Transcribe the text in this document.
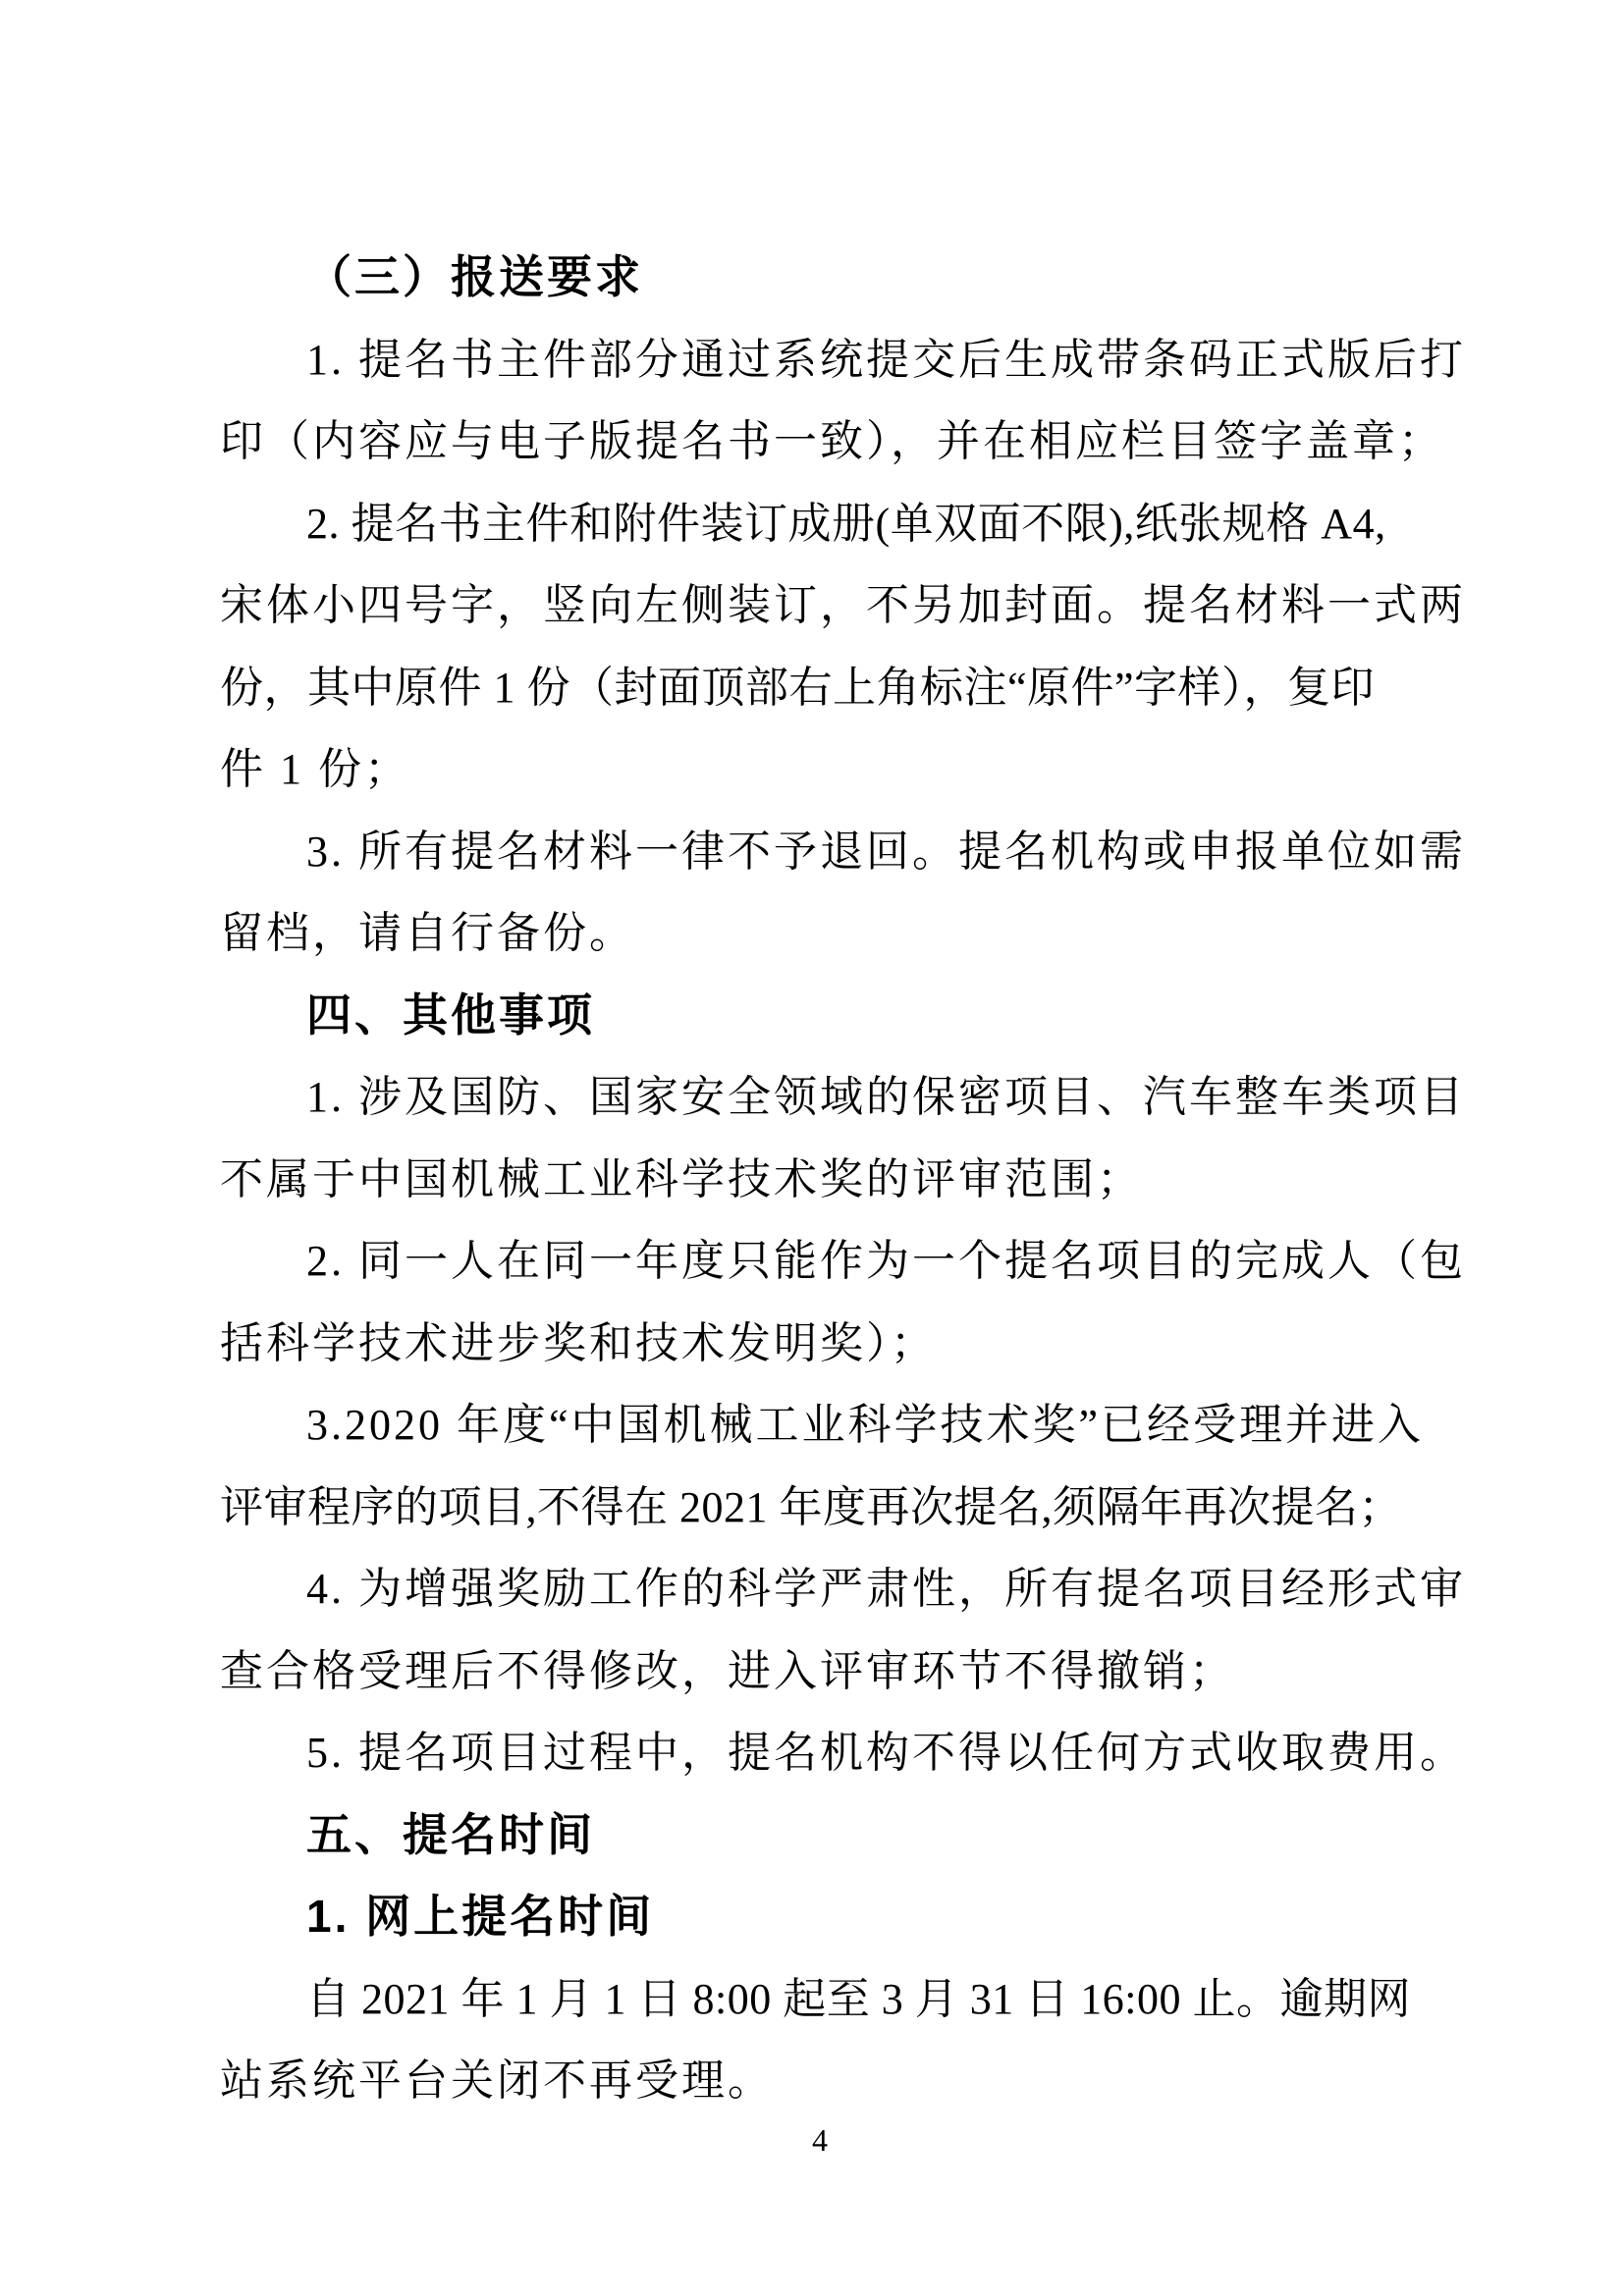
（三）报送要求
1. 提名书主件部分通过系统提交后生成带条码正式版后打
印（内容应与电子版提名书一致），并在相应栏目签字盖章；
2. 提名书主件和附件装订成册(单双面不限),纸张规格 A4,
宋体小四号字，竖向左侧装订，不另加封面。提名材料一式两
份，其中原件 1 份（封面顶部右上角标注“原件”字样），复印
件 1 份；
3. 所有提名材料一律不予退回。提名机构或申报单位如需
留档，请自行备份。
四、其他事项
1. 涉及国防、国家安全领域的保密项目、汽车整车类项目
不属于中国机械工业科学技术奖的评审范围；
2. 同一人在同一年度只能作为一个提名项目的完成人（包
括科学技术进步奖和技术发明奖）；
3.2020 年度“中国机械工业科学技术奖”已经受理并进入
评审程序的项目,不得在 2021 年度再次提名,须隔年再次提名；
4. 为增强奖励工作的科学严肃性，所有提名项目经形式审
查合格受理后不得修改，进入评审环节不得撤销；
5. 提名项目过程中，提名机构不得以任何方式收取费用。
五、提名时间
1. 网上提名时间
自 2021 年 1 月 1 日 8:00 起至 3 月 31 日 16:00 止。逾期网
站系统平台关闭不再受理。
4
